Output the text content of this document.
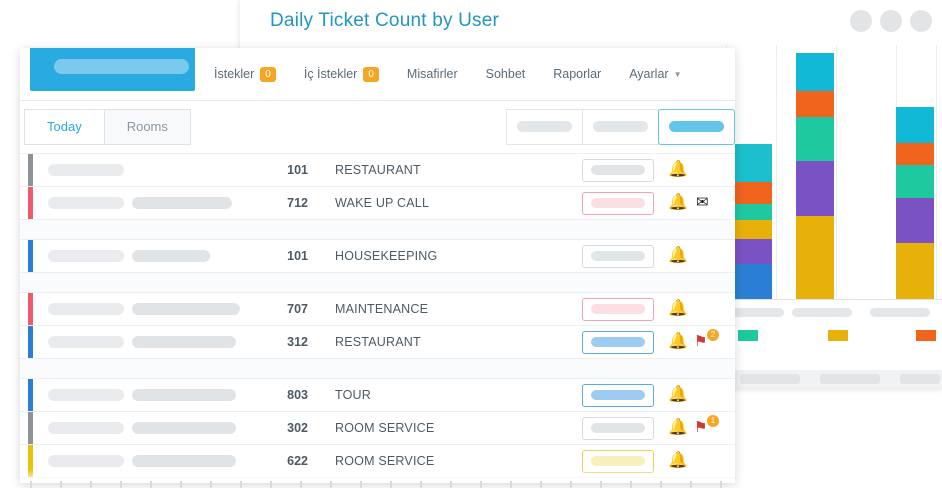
Daily Ticket Count by User
İstekler	0	İç İstekler	0	Misafirler Sohbet Raporlar Ayarlar ▼
Today	Rooms
101 RESTAURANT	🔔
712 WAKE UP CALL	🔔 ✉
101 HOUSEKEEPING	🔔
707 MAINTENANCE	🔔
312 RESTAURANT	🔔 ⚑ 2
803 TOUR	🔔
302 ROOM SERVICE	🔔 ⚑ 1
622 ROOM SERVICE	🔔
